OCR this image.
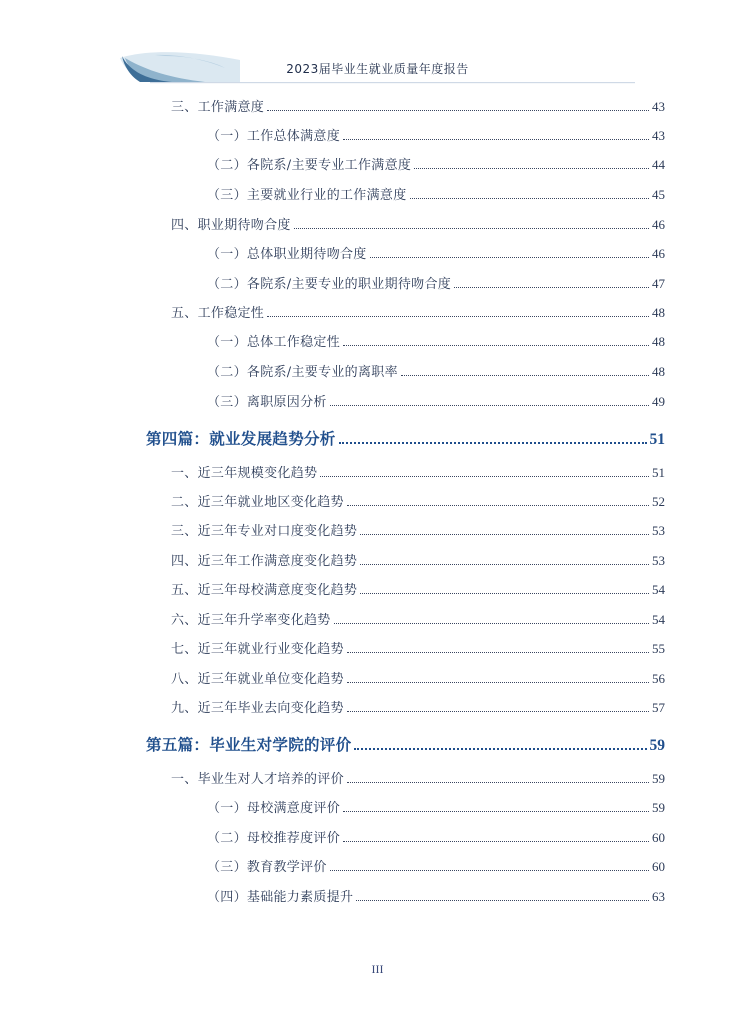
2023届毕业生就业质量年度报告
三、工作满意度	43
（一）工作总体满意度	43
（二）各院系/主要专业工作满意度	44
（三）主要就业行业的工作满意度	45
四、职业期待吻合度	46
（一）总体职业期待吻合度	46
（二）各院系/主要专业的职业期待吻合度	47
五、工作稳定性	48
（一）总体工作稳定性	48
（二）各院系/主要专业的离职率	48
（三）离职原因分析	49
第四篇：就业发展趋势分析	51
一、近三年规模变化趋势	51
二、近三年就业地区变化趋势	52
三、近三年专业对口度变化趋势	53
四、近三年工作满意度变化趋势	53
五、近三年母校满意度变化趋势	54
六、近三年升学率变化趋势	54
七、近三年就业行业变化趋势	55
八、近三年就业单位变化趋势	56
九、近三年毕业去向变化趋势	57
第五篇：毕业生对学院的评价	59
一、毕业生对人才培养的评价	59
（一）母校满意度评价	59
（二）母校推荐度评价	60
（三）教育教学评价	60
（四）基础能力素质提升	63
III
